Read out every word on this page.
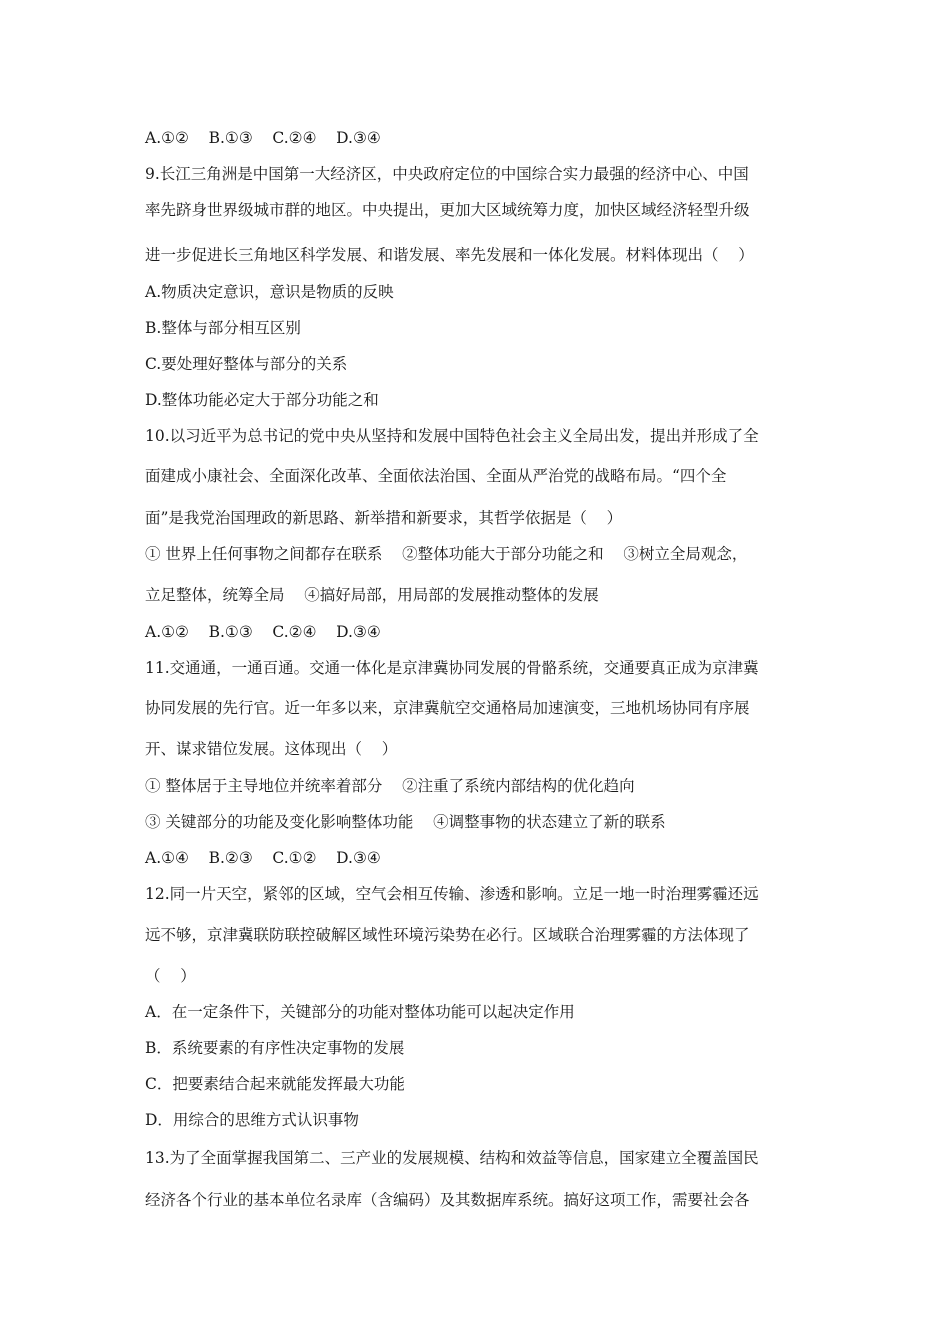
A.①②    B.①③    C.②④    D.③④
9.长江三角洲是中国第一大经济区，中央政府定位的中国综合实力最强的经济中心、中国
率先跻身世界级城市群的地区。中央提出，更加大区域统筹力度，加快区域经济轻型升级
进一步促进长三角地区科学发展、和谐发展、率先发展和一体化发展。材料体现出（    ）
A.物质决定意识，意识是物质的反映
B.整体与部分相互区别
C.要处理好整体与部分的关系
D.整体功能必定大于部分功能之和
10.以习近平为总书记的党中央从坚持和发展中国特色社会主义全局出发，提出并形成了全
面建成小康社会、全面深化改革、全面依法治国、全面从严治党的战略布局。“四个全
面”是我党治国理政的新思路、新举措和新要求，其哲学依据是（    ）
① 世界上任何事物之间都存在联系    ②整体功能大于部分功能之和    ③树立全局观念，
立足整体，统筹全局    ④搞好局部，用局部的发展推动整体的发展
A.①②    B.①③    C.②④    D.③④
11.交通通，一通百通。交通一体化是京津冀协同发展的骨骼系统，交通要真正成为京津冀
协同发展的先行官。近一年多以来，京津冀航空交通格局加速演变，三地机场协同有序展
开、谋求错位发展。这体现出（    ）
① 整体居于主导地位并统率着部分    ②注重了系统内部结构的优化趋向
③ 关键部分的功能及变化影响整体功能    ④调整事物的状态建立了新的联系
A.①④    B.②③    C.①②    D.③④
12.同一片天空，紧邻的区域，空气会相互传输、渗透和影响。立足一地一时治理雾霾还远
远不够，京津冀联防联控破解区域性环境污染势在必行。区域联合治理雾霾的方法体现了
（    ）
A．在一定条件下，关键部分的功能对整体功能可以起决定作用
B．系统要素的有序性决定事物的发展
C．把要素结合起来就能发挥最大功能
D．用综合的思维方式认识事物
13.为了全面掌握我国第二、三产业的发展规模、结构和效益等信息，国家建立全覆盖国民
经济各个行业的基本单位名录库（含编码）及其数据库系统。搞好这项工作，需要社会各
